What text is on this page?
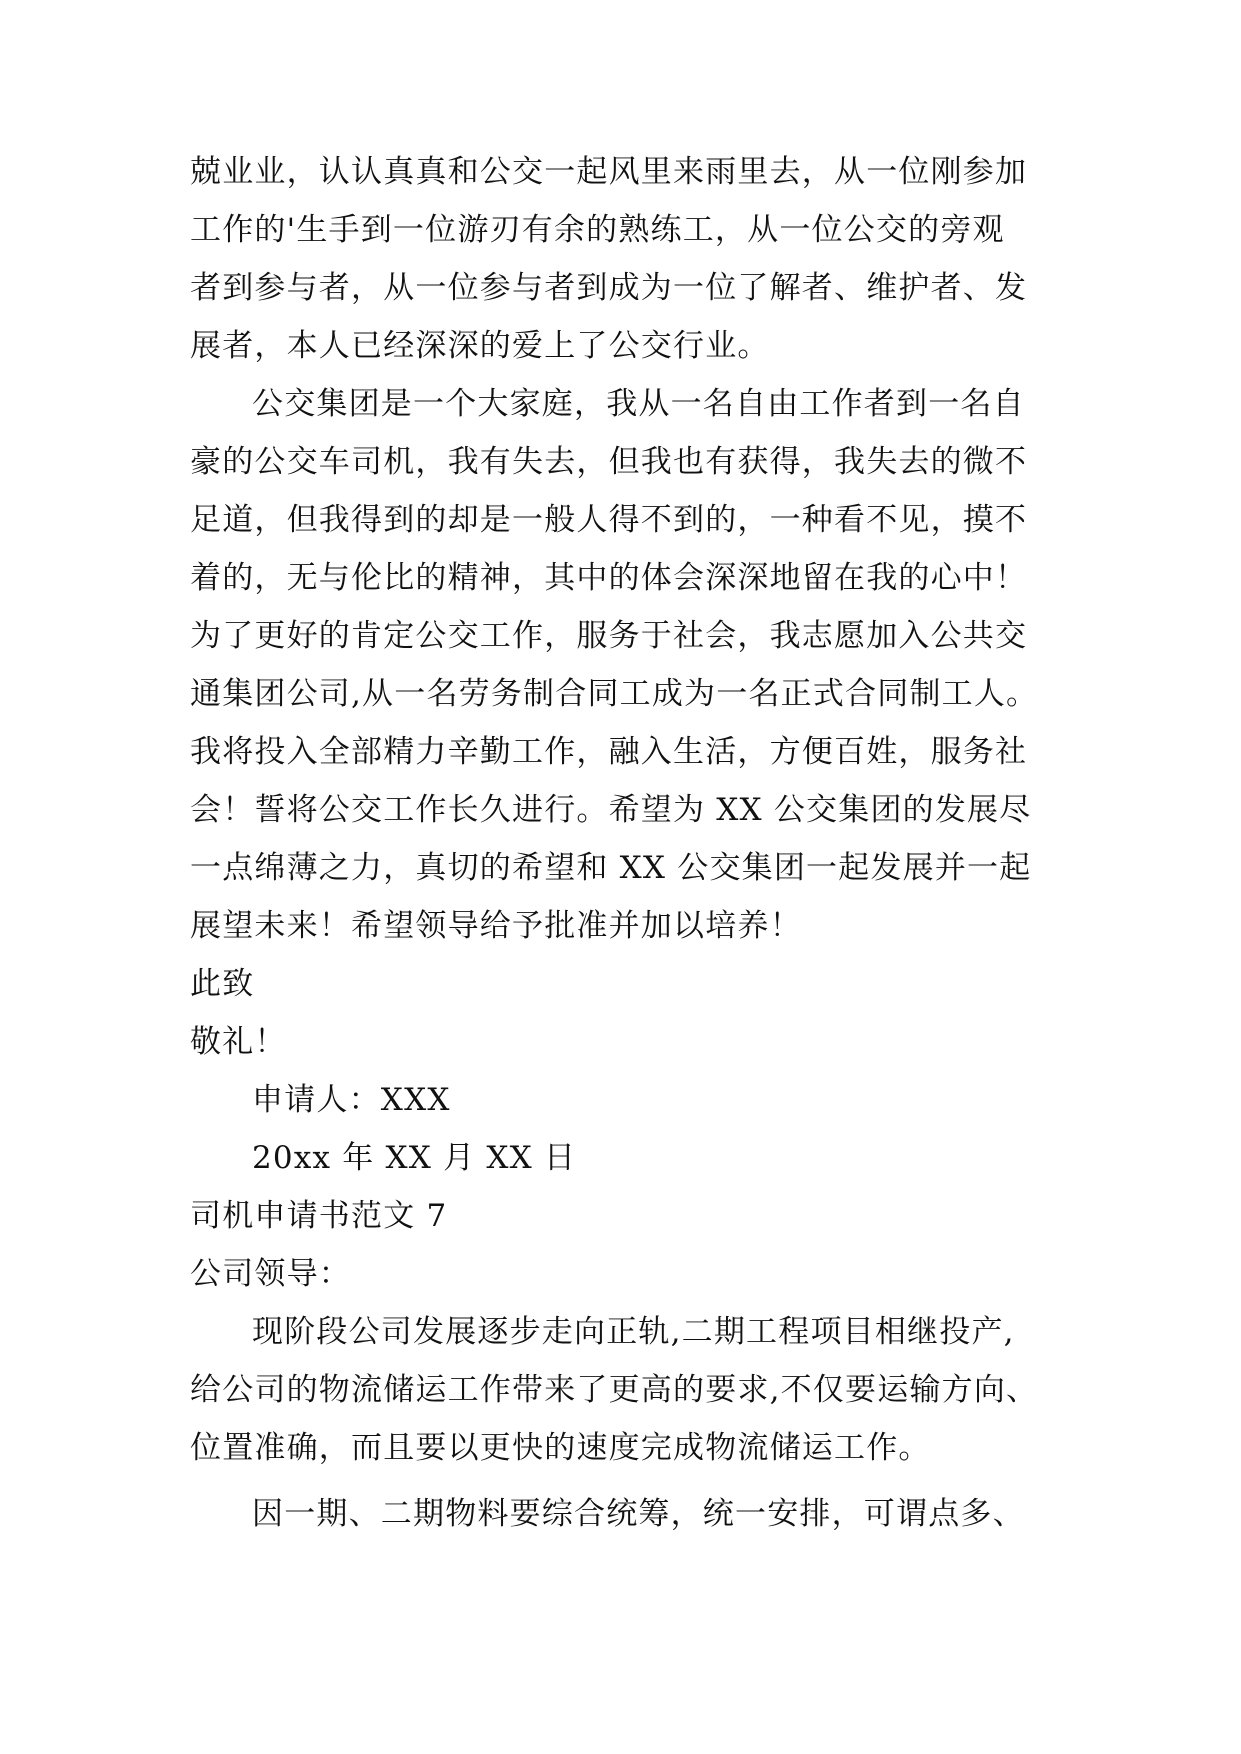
兢业业，认认真真和公交一起风里来雨里去，从一位刚参加
工作的'生手到一位游刃有余的熟练工，从一位公交的旁观
者到参与者，从一位参与者到成为一位了解者、维护者、发
展者，本人已经深深的爱上了公交行业。
公交集团是一个大家庭，我从一名自由工作者到一名自
豪的公交车司机，我有失去，但我也有获得，我失去的微不
足道，但我得到的却是一般人得不到的，一种看不见，摸不
着的，无与伦比的精神，其中的体会深深地留在我的心中！
为了更好的肯定公交工作，服务于社会，我志愿加入公共交
通集团公司,从一名劳务制合同工成为一名正式合同制工人。
我将投入全部精力辛勤工作，融入生活，方便百姓，服务社
会！誓将公交工作长久进行。希望为 XX 公交集团的发展尽
一点绵薄之力，真切的希望和 XX 公交集团一起发展并一起
展望未来！希望领导给予批准并加以培养！
此致
敬礼！
申请人：XXX
20xx 年 XX 月 XX 日
司机申请书范文 7
公司领导：
现阶段公司发展逐步走向正轨,二期工程项目相继投产,
给公司的物流储运工作带来了更高的要求,不仅要运输方向、
位置准确，而且要以更快的速度完成物流储运工作。
因一期、二期物料要综合统筹，统一安排，可谓点多、
